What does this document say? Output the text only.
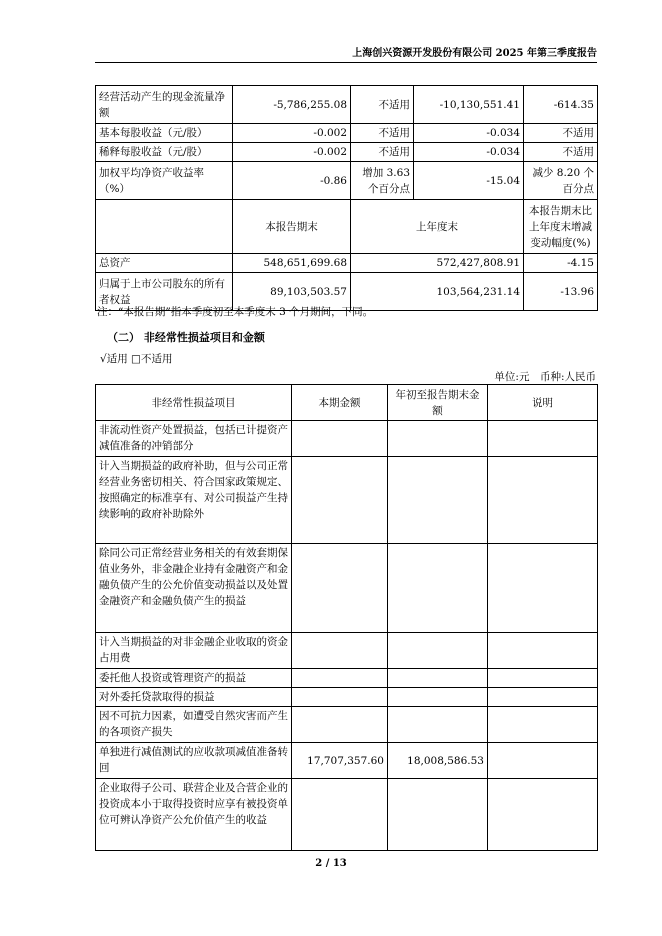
上海创兴资源开发股份有限公司 2025 年第三季度报告
经营活动产生的现金流量净额	-5,786,255.08	不适用	-10,130,551.41	-614.35
基本每股收益（元/股）	-0.002	不适用	-0.034	不适用
稀释每股收益（元/股）	-0.002	不适用	-0.034	不适用
加权平均净资产收益率（%）	-0.86	增加 3.63 个百分点	-15.04	减少 8.20 个百分点
	本报告期末	上年度末		本报告期末比上年度末增减变动幅度(%)
总资产	548,651,699.68	572,427,808.91		-4.15
归属于上市公司股东的所有者权益	89,103,503.57	103,564,231.14		-13.96
注：“本报告期”指本季度初至本季度末 3 个月期间，下同。
（二） 非经常性损益项目和金额
√适用 □不适用
单位:元　币种:人民币
非经常性损益项目	本期金额	年初至报告期末金额	说明
非流动性资产处置损益，包括已计提资产减值准备的冲销部分			
计入当期损益的政府补助，但与公司正常经营业务密切相关、符合国家政策规定、按照确定的标准享有、对公司损益产生持续影响的政府补助除外			
除同公司正常经营业务相关的有效套期保值业务外，非金融企业持有金融资产和金融负债产生的公允价值变动损益以及处置金融资产和金融负债产生的损益			
计入当期损益的对非金融企业收取的资金占用费			
委托他人投资或管理资产的损益			
对外委托贷款取得的损益			
因不可抗力因素，如遭受自然灾害而产生的各项资产损失			
单独进行减值测试的应收款项减值准备转回	17,707,357.60	18,008,586.53	
企业取得子公司、联营企业及合营企业的投资成本小于取得投资时应享有被投资单位可辨认净资产公允价值产生的收益			
2 / 13
